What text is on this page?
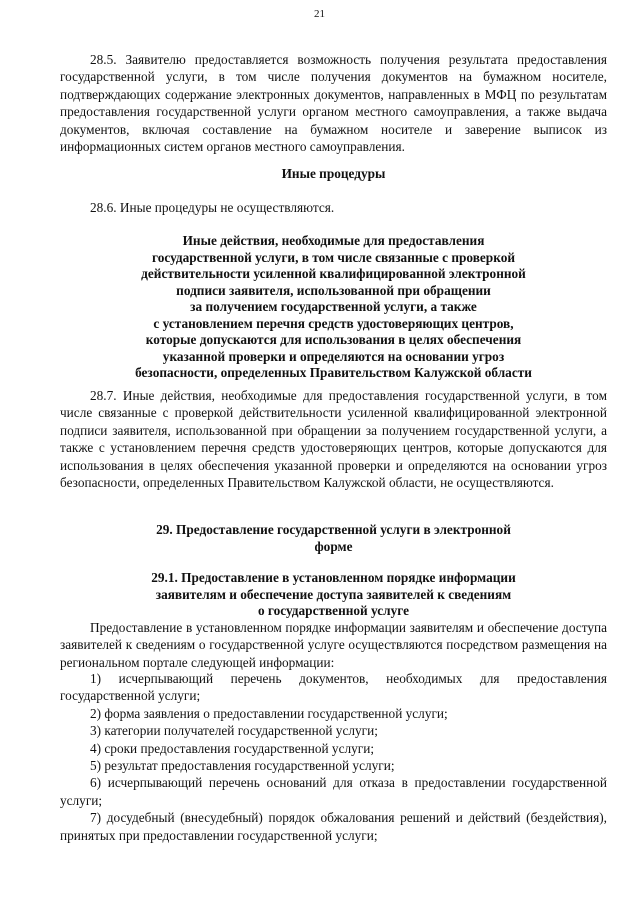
21

28.5. Заявителю предоставляется возможность получения результата предоставления государственной услуги, в том числе получения документов на бумажном носителе, подтверждающих содержание электронных документов, направленных в МФЦ по результатам предоставления государственной услуги органом местного самоуправления, а также выдача документов, включая составление на бумажном носителе и заверение выписок из информационных систем органов местного самоуправления.

Иные процедуры

28.6. Иные процедуры не осуществляются.

Иные действия, необходимые для предоставления

государственной услуги, в том числе связанные с проверкой

действительности усиленной квалифицированной электронной

подписи заявителя, использованной при обращении

за получением государственной услуги, а также

с установлением перечня средств удостоверяющих центров,

которые допускаются для использования в целях обеспечения

указанной проверки и определяются на основании угроз

безопасности, определенных Правительством Калужской области

28.7. Иные действия, необходимые для предоставления государственной услуги, в том числе связанные с проверкой действительности усиленной квалифицированной электронной подписи заявителя, использованной при обращении за получением государственной услуги, а также с установлением перечня средств удостоверяющих центров, которые допускаются для использования в целях обеспечения указанной проверки и определяются на основании угроз безопасности, определенных Правительством Калужской области, не осуществляются.

29. Предоставление государственной услуги в электронной

форме

29.1. Предоставление в установленном порядке информации

заявителям и обеспечение доступа заявителей к сведениям

о государственной услуге

Предоставление в установленном порядке информации заявителям и обеспечение доступа заявителей к сведениям о государственной услуге осуществляются посредством размещения на региональном портале следующей информации:

1) исчерпывающий перечень документов, необходимых для предоставления государственной услуги;

2) форма заявления о предоставлении государственной услуги;

3) категории получателей государственной услуги;

4) сроки предоставления государственной услуги;

5) результат предоставления государственной услуги;

6) исчерпывающий перечень оснований для отказа в предоставлении государственной услуги;

7) досудебный (внесудебный) порядок обжалования решений и действий (бездействия), принятых при предоставлении государственной услуги;
